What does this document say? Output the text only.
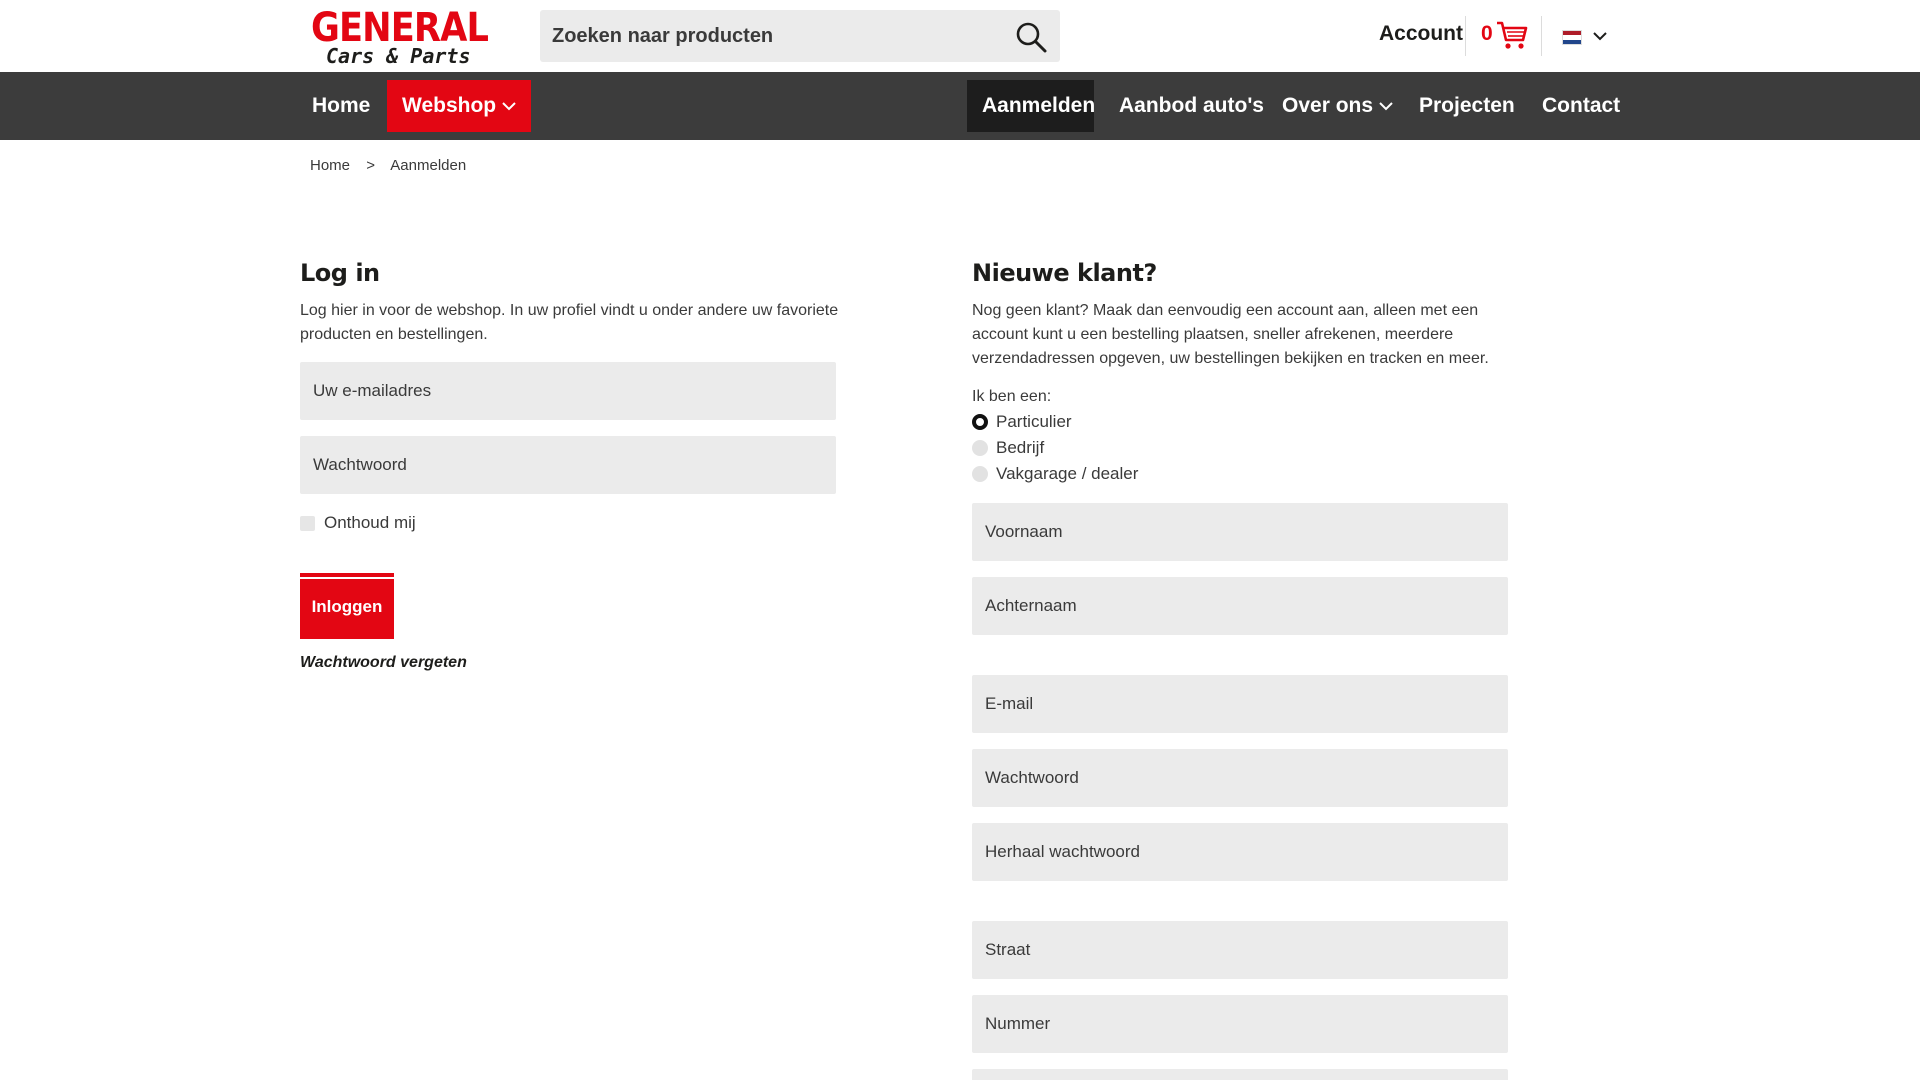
GENERAL
Cars & Parts
Zoeken naar producten
Account 0
Home	Webshop	Aanmelden	Aanbod auto's Over ons	Projecten	Contact
Home > Aanmelden
Log in

Log hier in voor de webshop. In uw profiel vindt u onder andere uw favoriete producten en bestellingen.

Uw e-mailadres
Onthoud mij
Inloggen
Wachtwoord vergeten
Nieuwe klant?

Nog geen klant? Maak dan eenvoudig een account aan, alleen met een account kunt u een bestelling plaatsen, sneller afrekenen, meerdere verzendadressen opgeven, uw bestellingen bekijken en tracken en meer.

Ik ben een:
Particulier
Bedrijf
Vakgarage / dealer
Voornaam
Achternaam
E-mail
Straat
Nummer
